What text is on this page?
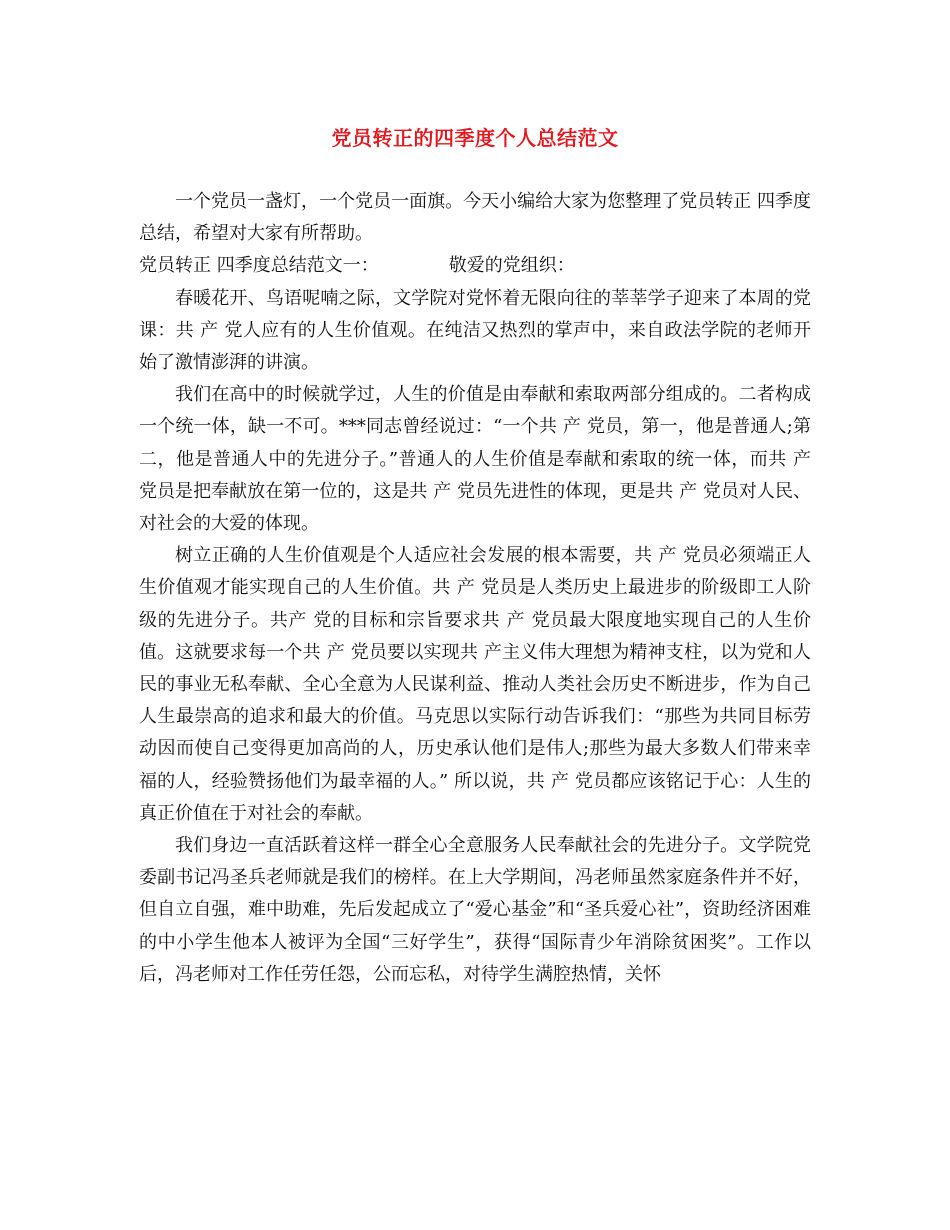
党员转正的四季度个人总结范文

一个党员一盏灯，一个党员一面旗。今天小编给大家为您整理了党员转正 四季度总结，希望对大家有所帮助。

党员转正 四季度总结范文一：	敬爱的党组织：

春暖花开、鸟语呢喃之际，文学院对党怀着无限向往的莘莘学子迎来了本周的党课：共 产 党人应有的人生价值观。在纯洁又热烈的掌声中，来自政法学院的老师开始了激情澎湃的讲演。

我们在高中的时候就学过，人生的价值是由奉献和索取两部分组成的。二者构成一个统一体，缺一不可。***同志曾经说过：“一个共 产 党员，第一，他是普通人;第二，他是普通人中的先进分子。”普通人的人生价值是奉献和索取的统一体，而共 产 党员是把奉献放在第一位的，这是共 产 党员先进性的体现，更是共 产 党员对人民、对社会的大爱的体现。

树立正确的人生价值观是个人适应社会发展的根本需要，共 产 党员必须端正人生价值观才能实现自己的人生价值。共 产 党员是人类历史上最进步的阶级即工人阶级的先进分子。共产 党的目标和宗旨要求共 产 党员最大限度地实现自己的人生价值。这就要求每一个共 产 党员要以实现共 产主义伟大理想为精神支柱，以为党和人民的事业无私奉献、全心全意为人民谋利益、推动人类社会历史不断进步，作为自己人生最崇高的追求和最大的价值。马克思以实际行动告诉我们：“那些为共同目标劳动因而使自己变得更加高尚的人，历史承认他们是伟人;那些为最大多数人们带来幸福的人，经验赞扬他们为最幸福的人。” 所以说，共 产 党员都应该铭记于心：人生的真正价值在于对社会的奉献。

我们身边一直活跃着这样一群全心全意服务人民奉献社会的先进分子。文学院党委副书记冯圣兵老师就是我们的榜样。在上大学期间，冯老师虽然家庭条件并不好，但自立自强，难中助难，先后发起成立了“爱心基金”和“圣兵爱心社”，资助经济困难的中小学生他本人被评为全国“三好学生”，获得“国际青少年消除贫困奖”。工作以后，冯老师对工作任劳任怨，公而忘私，对待学生满腔热情，关怀
